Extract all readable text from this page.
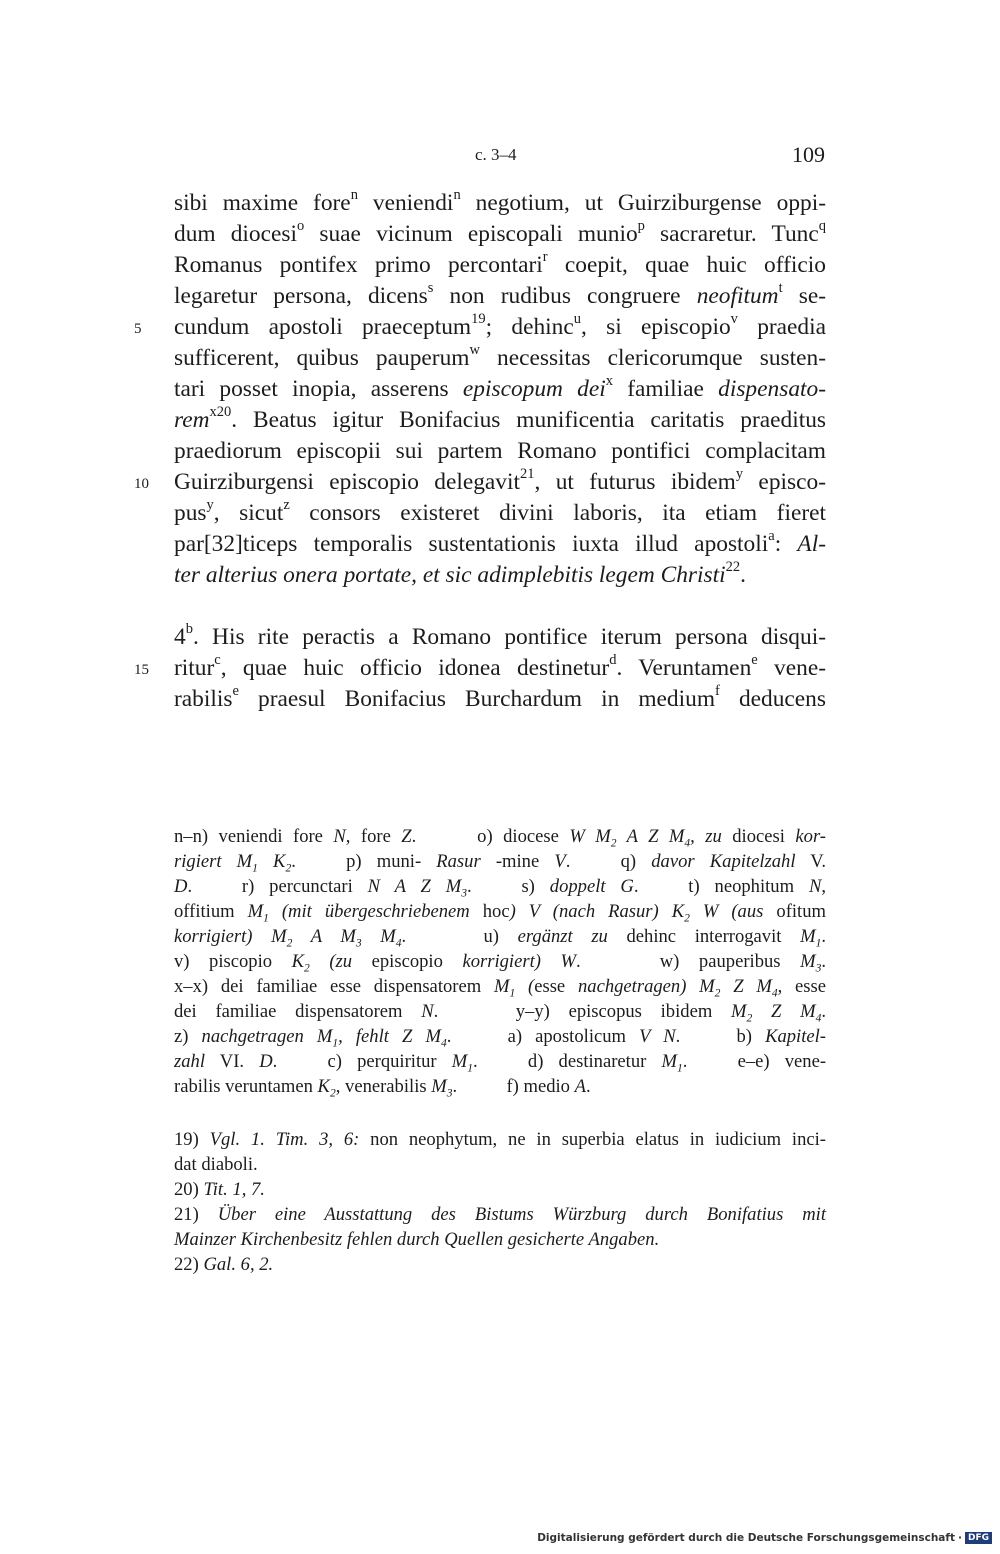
c. 3–4	109
sibi maxime fore$^n$ veniendi$^n$ negotium, ut Guirziburgense oppi-
dum diocesi$^o$ suae vicinum episcopali munio$^p$ sacraretur. Tunc$^q$
Romanus pontifex primo percontari$^r$ coepit, quae huic officio
legaretur persona, dicens$^s$ non rudibus congruere neofitum$^t$ se-
5 cundum apostoli praeceptum$^{19}$; dehinc$^u$, si episcopio$^v$ praedia
sufficerent, quibus pauperum$^w$ necessitas clericorumque susten-
tari posset inopia, asserens episcopum dei$^x$ familiae dispensato-
rem$^{x20}$. Beatus igitur Bonifacius munificentia caritatis praeditus
praediorum episcopii sui partem Romano pontifici complacitam
10 Guirziburgensi episcopio delegavit$^{21}$, ut futurus ibidem$^y$ episco-
pus$^y$, sicut$^z$ consors existeret divini laboris, ita etiam fieret
par[32]ticeps temporalis sustentationis iuxta illud apostoli$^a$: Al-
ter alterius onera portate, et sic adimplebitis legem Christi$^{22}$.
4$^b$. His rite peractis a Romano pontifice iterum persona disqui-
15 ritur$^c$, quae huic officio idonea destinetur$^d$. Veruntamen$^e$ vene-
rabilis$^e$ praesul Bonifacius Burchardum in medium$^f$ deducens
n–n) veniendi fore N, fore Z.  o) diocese W $M_2$ A Z $M_4$, zu diocesi kor-
rigiert $M_1$ $K_2$.  p) muni- Rasur -mine V.  q) davor Kapitelzahl V.
D.  r) percunctari N A Z $M_3$.  s) doppelt G.  t) neophitum N,
offitium $M_1$ (mit übergeschriebenem hoc) V (nach Rasur) $K_2$ W (aus ofitum
korrigiert) $M_2$ A $M_3$ $M_4$.  u) ergänzt zu dehinc interrogavit $M_1$.
v) piscopio $K_2$ (zu episcopio korrigiert) W.  w) pauperibus $M_3$.
x–x) dei familiae esse dispensatorem $M_1$ (esse nachgetragen) $M_2$ Z $M_4$, esse
dei familiae dispensatorem N.  y–y) episcopus ibidem $M_2$ Z $M_4$.
z) nachgetragen $M_1$, fehlt Z $M_4$.  a) apostolicum V N.  b) Kapitel-
zahl VI. D.  c) perquiritur $M_1$.  d) destinaretur $M_1$.  e–e) vene-
rabilis veruntamen $K_2$, venerabilis $M_3$.  f) medio A.
19) Vgl. 1. Tim. 3, 6: non neophytum, ne in superbia elatus in iudicium inci-
dat diaboli.
20) Tit. 1, 7.
21) Über eine Ausstattung des Bistums Würzburg durch Bonifatius mit
Mainzer Kirchenbesitz fehlen durch Quellen gesicherte Angaben.
22) Gal. 6, 2.
Digitalisierung gefördert durch die Deutsche Forschungsgemeinschaft · DFG
